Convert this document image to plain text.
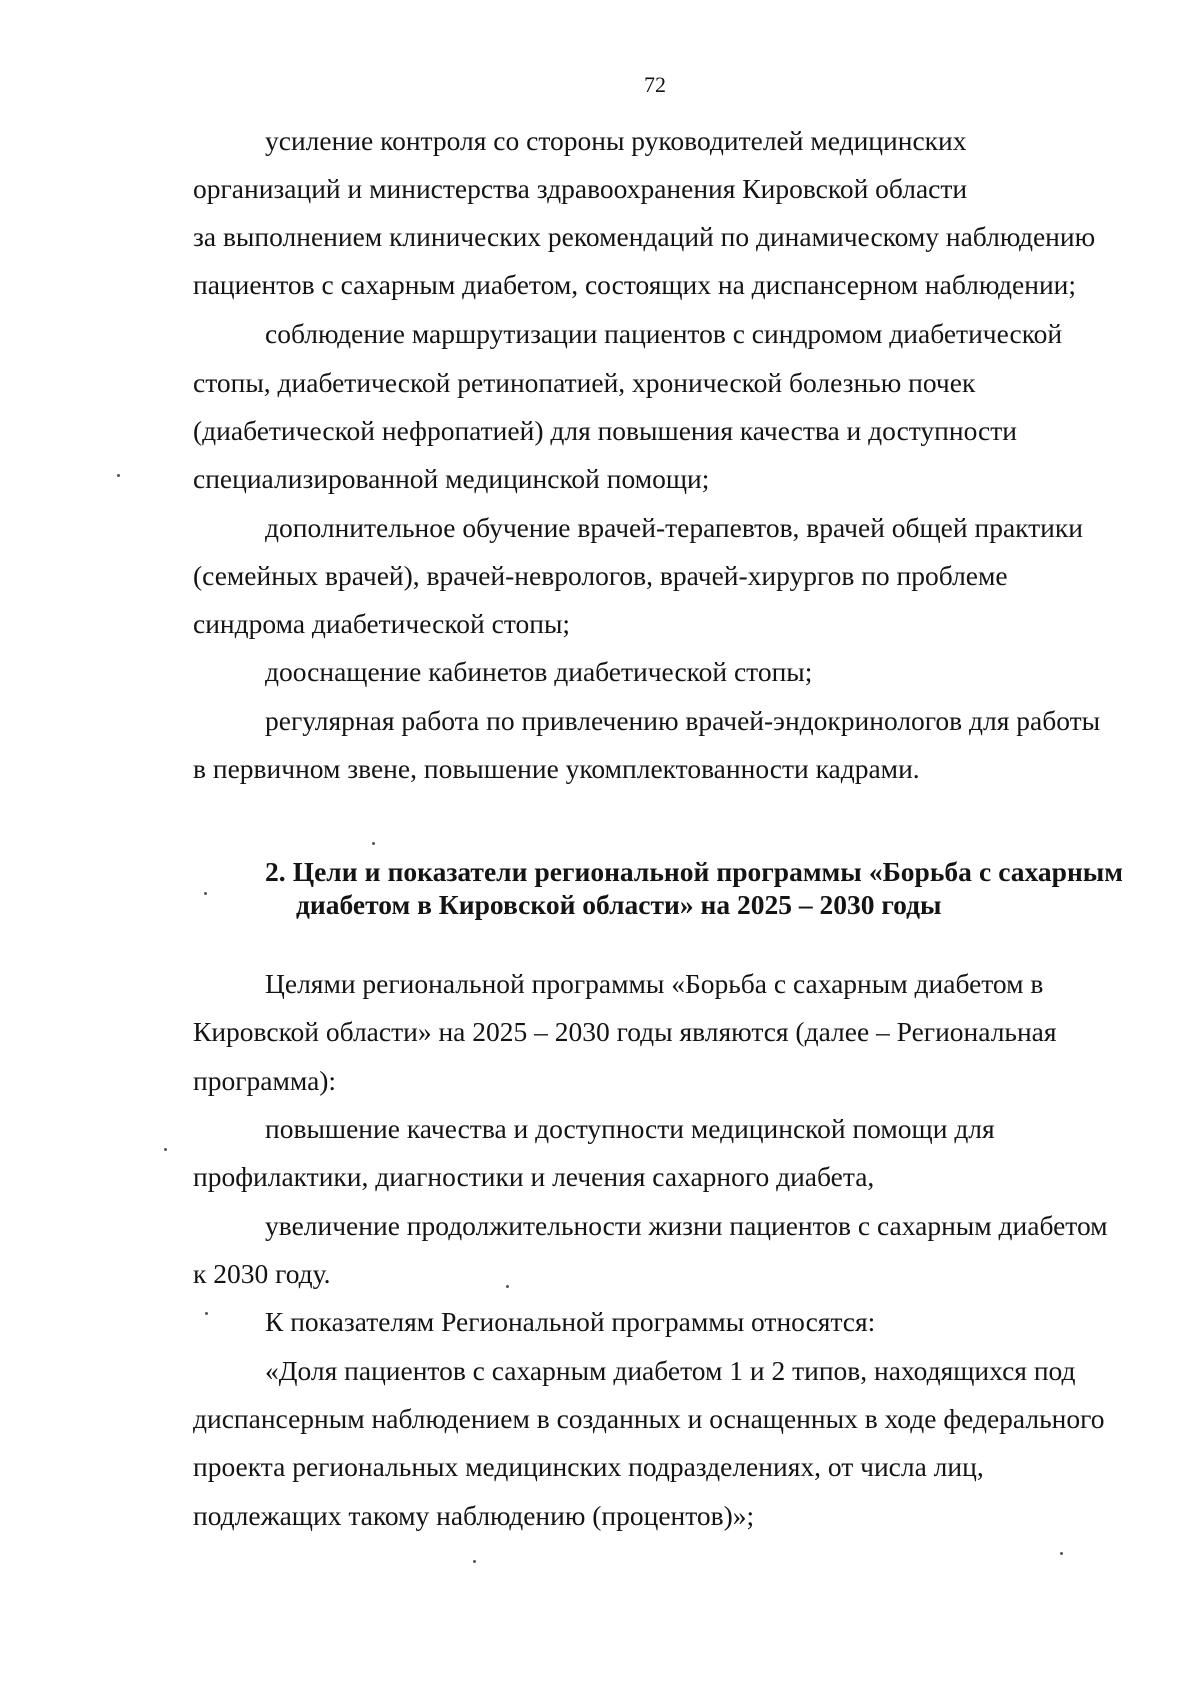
72
усиление контроля со стороны руководителей медицинских
организаций и министерства здравоохранения Кировской области
за выполнением клинических рекомендаций по динамическому наблюдению
пациентов с сахарным диабетом, состоящих на диспансерном наблюдении;
соблюдение маршрутизации пациентов с синдромом диабетической
стопы, диабетической ретинопатией, хронической болезнью почек
(диабетической нефропатией) для повышения качества и доступности
специализированной медицинской помощи;
дополнительное обучение врачей-терапевтов, врачей общей практики
(семейных врачей), врачей-неврологов, врачей-хирургов по проблеме
синдрома диабетической стопы;
дооснащение кабинетов диабетической стопы;
регулярная работа по привлечению врачей-эндокринологов для работы
в первичном звене, повышение укомплектованности кадрами.
2. Цели и показатели региональной программы «Борьба с сахарным
диабетом в Кировской области» на 2025 – 2030 годы
Целями региональной программы «Борьба с сахарным диабетом в
Кировской области» на 2025 – 2030 годы являются (далее – Региональная
программа):
повышение качества и доступности медицинской помощи для
профилактики, диагностики и лечения сахарного диабета,
увеличение продолжительности жизни пациентов с сахарным диабетом
к 2030 году.
К показателям Региональной программы относятся:
«Доля пациентов с сахарным диабетом 1 и 2 типов, находящихся под
диспансерным наблюдением в созданных и оснащенных в ходе федерального
проекта региональных медицинских подразделениях, от числа лиц,
подлежащих такому наблюдению (процентов)»;
